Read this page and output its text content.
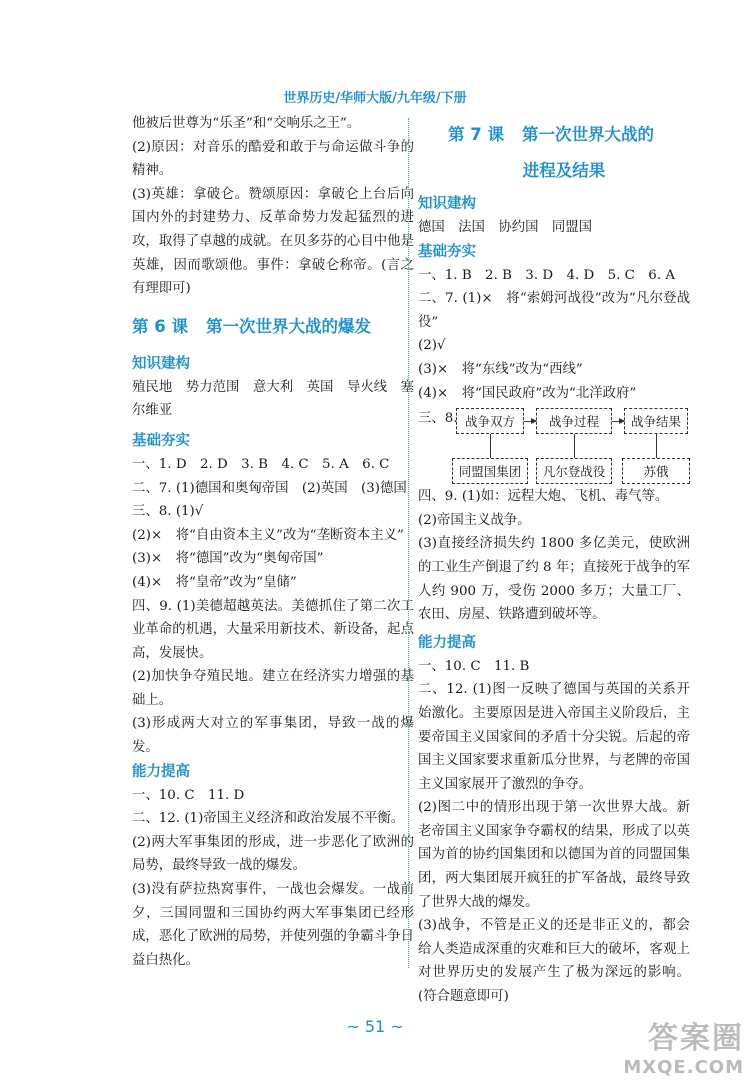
世界历史/华师大版/九年级/下册

他被后世尊为“乐圣”和“交响乐之王”。

(2)原因：对音乐的酷爱和敢于与命运做斗争的精神。

(3)英雄：拿破仑。赞颂原因：拿破仑上台后向国内外的封建势力、反革命势力发起猛烈的进攻，取得了卓越的成就。在贝多芬的心目中他是英雄，因而歌颂他。事件：拿破仑称帝。(言之有理即可)

第 6 课 第一次世界大战的爆发

知识建构

殖民地　势力范围　意大利　英国　导火线　塞尔维亚

基础夯实

一、1. D　2. D　3. B　4. C　5. A　6. C

二、7. (1)德国和奥匈帝国　(2)英国　(3)德国

三、8. (1)√

(2)×　将“自由资本主义”改为“垄断资本主义”

(3)×　将“德国”改为“奥匈帝国”

(4)×　将“皇帝”改为“皇储”

四、9. (1)美德超越英法。美德抓住了第二次工业革命的机遇，大量采用新技术、新设备，起点高，发展快。

(2)加快争夺殖民地。建立在经济实力增强的基础上。

(3)形成两大对立的军事集团，导致一战的爆发。

能力提高

一、10. C　11. D

二、12. (1)帝国主义经济和政治发展不平衡。

(2)两大军事集团的形成，进一步恶化了欧洲的局势，最终导致一战的爆发。

(3)没有萨拉热窝事件，一战也会爆发。一战前夕，三国同盟和三国协约两大军事集团已经形成，恶化了欧洲的局势，并使列强的争霸斗争日益白热化。

第 7 课 第一次世界大战的

进程及结果

知识建构

德国　法国　协约国　同盟国

基础夯实

一、1. B　2. B　3. D　4. D　5. C　6. A

二、7. (1)×　将“索姆河战役”改为“凡尔登战役”

(2)√

(3)×　将“东线”改为“西线”

(4)×　将“国民政府”改为“北洋政府”

三、8. 战争双方	战争过程	战争结果
同盟国集团	凡尔登战役	苏俄

四、9. (1)如：远程大炮、飞机、毒气等。

(2)帝国主义战争。

(3)直接经济损失约 1800 多亿美元，使欧洲的工业生产倒退了约 8 年；直接死于战争的军人约 900 万，受伤 2000 多万；大量工厂、农田、房屋、铁路遭到破坏等。

能力提高

一、10. C　11. B

二、12. (1)图一反映了德国与英国的关系开始激化。主要原因是进入帝国主义阶段后，主要帝国主义国家间的矛盾十分尖锐。后起的帝国主义国家要求重新瓜分世界，与老牌的帝国主义国家展开了激烈的争夺。

(2)图二中的情形出现于第一次世界大战。新老帝国主义国家争夺霸权的结果，形成了以英国为首的协约国集团和以德国为首的同盟国集团，两大集团展开疯狂的扩军备战，最终导致了世界大战的爆发。

(3)战争，不管是正义的还是非正义的，都会给人类造成深重的灾难和巨大的破坏，客观上对世界历史的发展产生了极为深远的影响。(符合题意即可)

~ 51 ~	答案圈
MXQE.COM
